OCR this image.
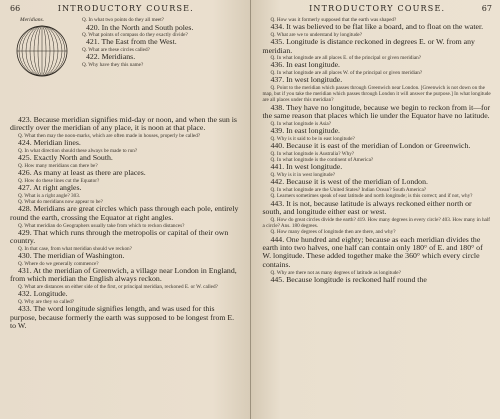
66	INTRODUCTORY COURSE.
Meridians.	Q. In what two points do they all meet?

420. In the North and South poles.

Q. What points of compass do they exactly divide?

421. The East from the West.

Q. What are these circles called?

422. Meridians.

Q. Why have they this name?

423. Because meridian signifies mid-day or noon, and when the sun is directly over the meridian of any place, it is noon at that place.

Q. What then may the noon-marks, which are often made in houses, properly be called?

424. Meridian lines.

Q. In what direction should these always be made to run?

425. Exactly North and South.

Q. How many meridians can there be?

426. As many at least as there are places.

Q. How do these lines cut the Equator?

427. At right angles.

Q. What is a right angle? 303.

Q. What do meridians now appear to be?

428. Meridians are great circles which pass through each pole, entirely round the earth, crossing the Equator at right angles.

Q. What meridian do Geographers usually take from which to reckon distances?

429. That which runs through the metropolis or capital of their own country.

Q. In that case, from what meridian should we reckon?

430. The meridian of Washington.

Q. Where do we generally commence?

431. At the meridian of Greenwich, a village near London in England, from which meridian the English always reckon.

Q. What are distances on either side of the first, or principal meridian, reckoned E. or W. called?

432. Longitude.

Q. Why are they so called?

433. The word longitude signifies length, and was used for this purpose, because formerly the earth was supposed to be longest from E. to W.

INTRODUCTORY COURSE.	67

Q. How was it formerly supposed that the earth was shaped?

434. It was believed to be flat like a board, and to float on the water.

Q. What are we to understand by longitude?

435. Longitude is distance reckoned in degrees E. or W. from any meridian.

Q. In what longitude are all places E. of the principal or given meridian?

436. In east longitude.

Q. In what longitude are all places W. of the principal or given meridian?

437. In west longitude.

Q. Point to the meridian which passes through Greenwich near London. [Greenwich is not down on the map, but if you take the meridian which passes through London it will answer the purpose.] In what longitude are all places under this meridian?

438. They have no longitude, because we begin to reckon from it—for the same reason that places which lie under the Equator have no latitude.

Q. In what longitude is Asia?

439. In east longitude.

Q. Why is it said to be in east longitude?

440. Because it is east of the meridian of London or Greenwich.

Q. In what longitude is Australia? Why?

Q. In what longitude is the continent of America?

441. In west longitude.

Q. Why is it in west longitude?

442. Because it is west of the meridian of London.

Q. In what longitude are the United States? Indian Ocean? South America?

Q. Learners sometimes speak of east latitude and north longitude; is this correct; and if not, why?

443. It is not, because latitude is always reckoned either north or south, and longitude either east or west.

Q. How do great circles divide the earth? 419. How many degrees in every circle? 403. How many in half a circle? Ans. 180 degrees.

Q. How many degrees of longitude then are there, and why?

444. One hundred and eighty; because as each meridian divides the earth into two halves, one half can contain only 180° of E. and 180° of W. longitude. These added together make the 360° which every circle contains.

Q. Why are there not as many degrees of latitude as longitude?

445. Because longitude is reckoned half round the
